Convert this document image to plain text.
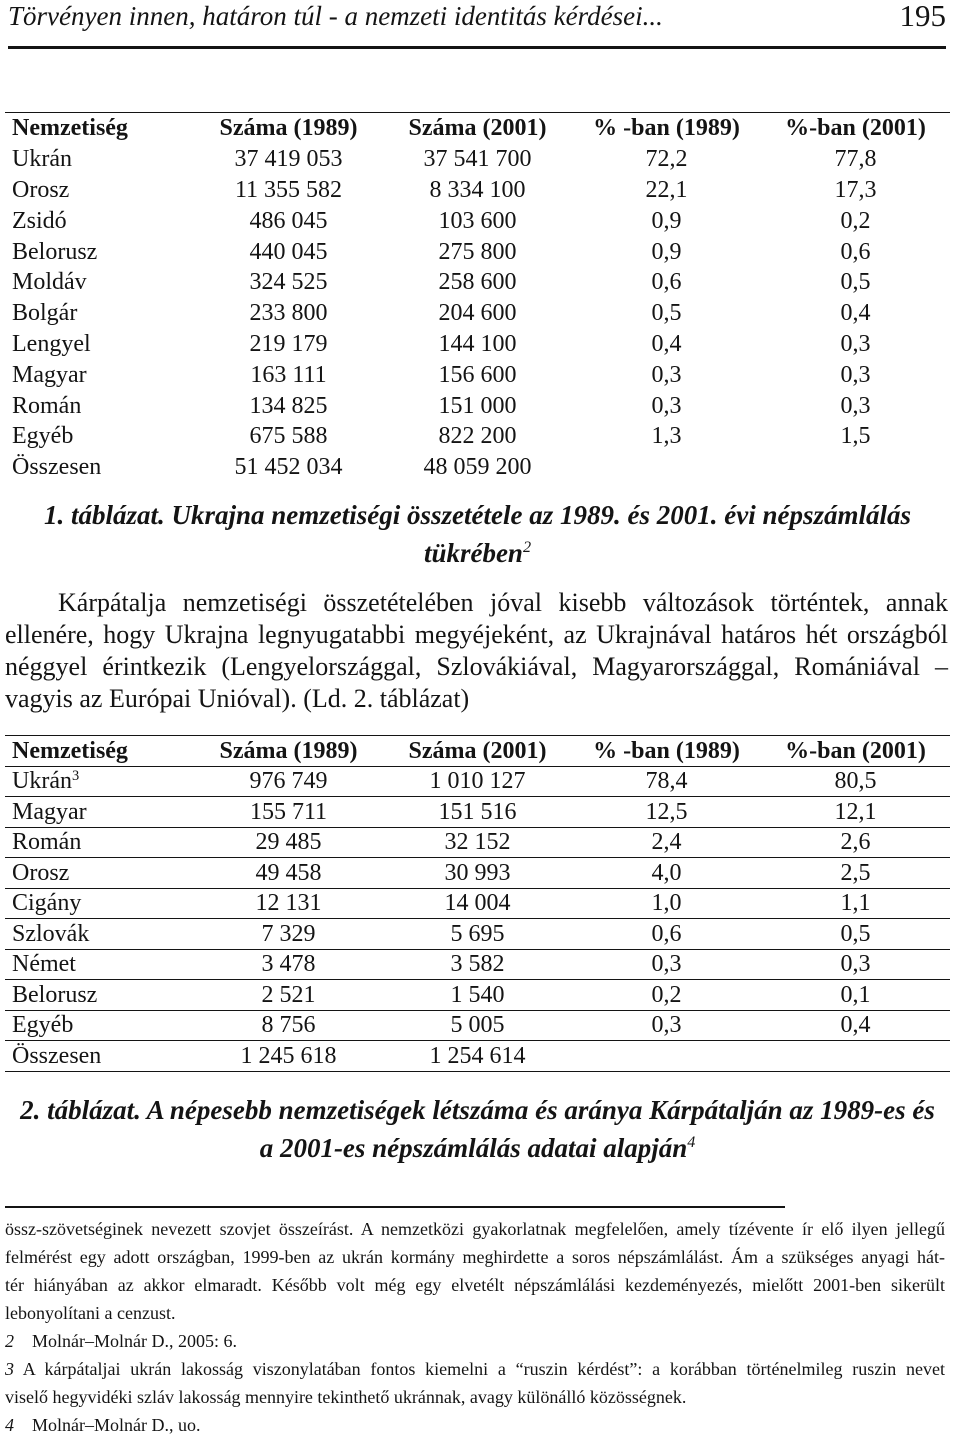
Törvényen innen, határon túl - a nemzeti identitás kérdései...	195
Nemzetiség	Száma (1989)	Száma (2001)	% -ban (1989)	%-ban (2001)
Ukrán	37 419 053	37 541 700	72,2	77,8
Orosz	11 355 582	8 334 100	22,1	17,3
Zsidó	486 045	103 600	0,9	0,2
Belorusz	440 045	275 800	0,9	0,6
Moldáv	324 525	258 600	0,6	0,5
Bolgár	233 800	204 600	0,5	0,4
Lengyel	219 179	144 100	0,4	0,3
Magyar	163 111	156 600	0,3	0,3
Román	134 825	151 000	0,3	0,3
Egyéb	675 588	822 200	1,3	1,5
Összesen	51 452 034	48 059 200		
1. táblázat. Ukrajna nemzetiségi összetétele az 1989. és 2001. évi népszámlálás
tükrében$^2$
Kárpátalja nemzetiségi összetételében jóval kisebb változások történtek, annak
ellenére, hogy Ukrajna legnyugatabbi megyéjeként, az Ukrajnával határos hét országból
néggyel érintkezik (Lengyelországgal, Szlovákiával, Magyarországgal, Romániával –
vagyis az Európai Unióval). (Ld. 2. táblázat)
Nemzetiség	Száma (1989)	Száma (2001)	% -ban (1989)	%-ban (2001)
Ukrán$^3$	976 749	1 010 127	78,4	80,5
Magyar	155 711	151 516	12,5	12,1
Román	29 485	32 152	2,4	2,6
Orosz	49 458	30 993	4,0	2,5
Cigány	12 131	14 004	1,0	1,1
Szlovák	7 329	5 695	0,6	0,5
Német	3 478	3 582	0,3	0,3
Belorusz	2 521	1 540	0,2	0,1
Egyéb	8 756	5 005	0,3	0,4
Összesen	1 245 618	1 254 614		
2. táblázat. A népesebb nemzetiségek létszáma és aránya Kárpátalján az 1989-es és
a 2001-es népszámlálás adatai alapján$^4$
össz-szövetséginek nevezett szovjet összeírást. A nemzetközi gyakorlatnak megfelelően, amely tízévente ír elő ilyen jellegű
felmérést egy adott országban, 1999-ben az ukrán kormány meghirdette a soros népszámlálást. Ám a szükséges anyagi hát-
tér hiányában az akkor elmaradt. Később volt még egy elvetélt népszámlálási kezdeményezés, mielőtt 2001-ben sikerült
lebonyolítani a cenzust.
2 Molnár–Molnár D., 2005: 6.
3 A kárpátaljai ukrán lakosság viszonylatában fontos kiemelni a “ruszin kérdést”: a korábban történelmileg ruszin nevet
viselő hegyvidéki szláv lakosság mennyire tekinthető ukránnak, avagy különálló közösségnek.
4 Molnár–Molnár D., uo.
